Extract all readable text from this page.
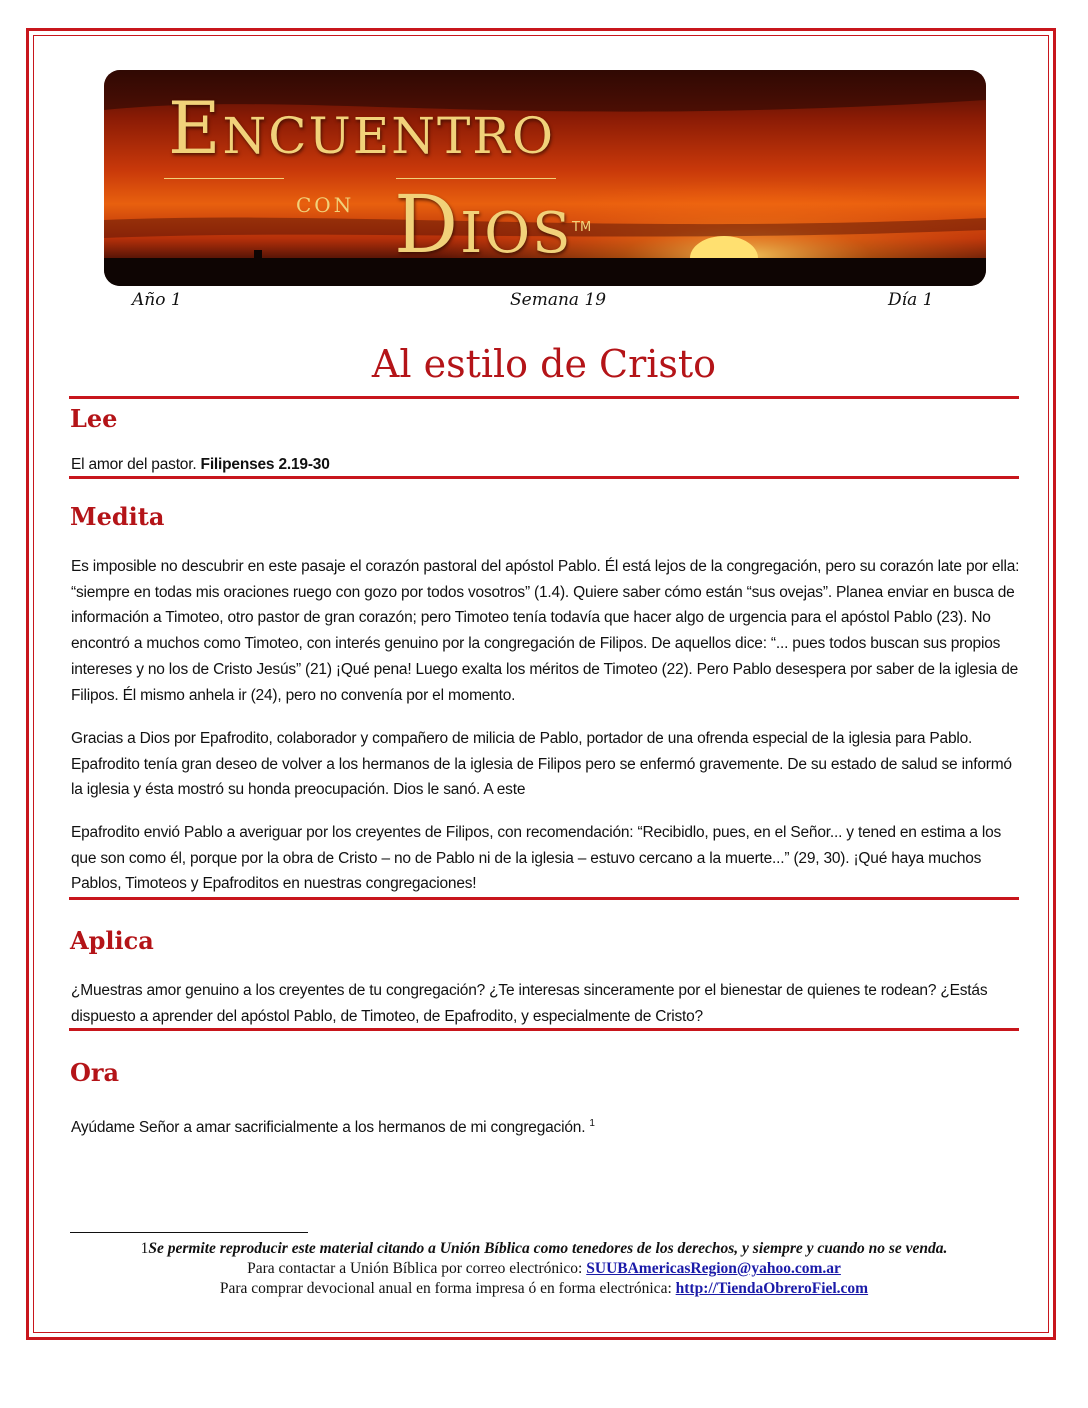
Encuentro
con Dios TM
Año 1	Semana 19	Día 1
Al estilo de Cristo
Lee
El amor del pastor. Filipenses 2.19-30
Medita
Es imposible no descubrir en este pasaje el corazón pastoral del apóstol Pablo. Él está lejos de la congregación, pero su corazón late por ella: “siempre en todas mis oraciones ruego con gozo por todos vosotros” (1.4). Quiere saber cómo están “sus ovejas”. Planea enviar en busca de información a Timoteo, otro pastor de gran corazón; pero Timoteo tenía todavía que hacer algo de urgencia para el apóstol Pablo (23). No encontró a muchos como Timoteo, con interés genuino por la congregación de Filipos. De aquellos dice: “... pues todos buscan sus propios intereses y no los de Cristo Jesús” (21) ¡Qué pena! Luego exalta los méritos de Timoteo (22). Pero Pablo desespera por saber de la iglesia de Filipos. Él mismo anhela ir (24), pero no convenía por el momento.
Gracias a Dios por Epafrodito, colaborador y compañero de milicia de Pablo, portador de una ofrenda especial de la iglesia para Pablo. Epafrodito tenía gran deseo de volver a los hermanos de la iglesia de Filipos pero se enfermó gravemente. De su estado de salud se informó la iglesia y ésta mostró su honda preocupación. Dios le sanó. A este
Epafrodito envió Pablo a averiguar por los creyentes de Filipos, con recomendación: “Recibidlo, pues, en el Señor... y tened en estima a los que son como él, porque por la obra de Cristo – no de Pablo ni de la iglesia – estuvo cercano a la muerte...” (29, 30). ¡Qué haya muchos Pablos, Timoteos y Epafroditos en nuestras congregaciones!
Aplica
¿Muestras amor genuino a los creyentes de tu congregación? ¿Te interesas sinceramente por el bienestar de quienes te rodean? ¿Estás dispuesto a aprender del apóstol Pablo, de Timoteo, de Epafrodito, y especialmente de Cristo?
Ora
Ayúdame Señor a amar sacrificialmente a los hermanos de mi congregación. $^1$
1Se permite reproducir este material citando a Unión Bíblica como tenedores de los derechos, y siempre y cuando no se venda.
Para contactar a Unión Bíblica por correo electrónico: SUUBAmericasRegion@yahoo.com.ar
Para comprar devocional anual en forma impresa ó en forma electrónica: http://TiendaObreroFiel.com
